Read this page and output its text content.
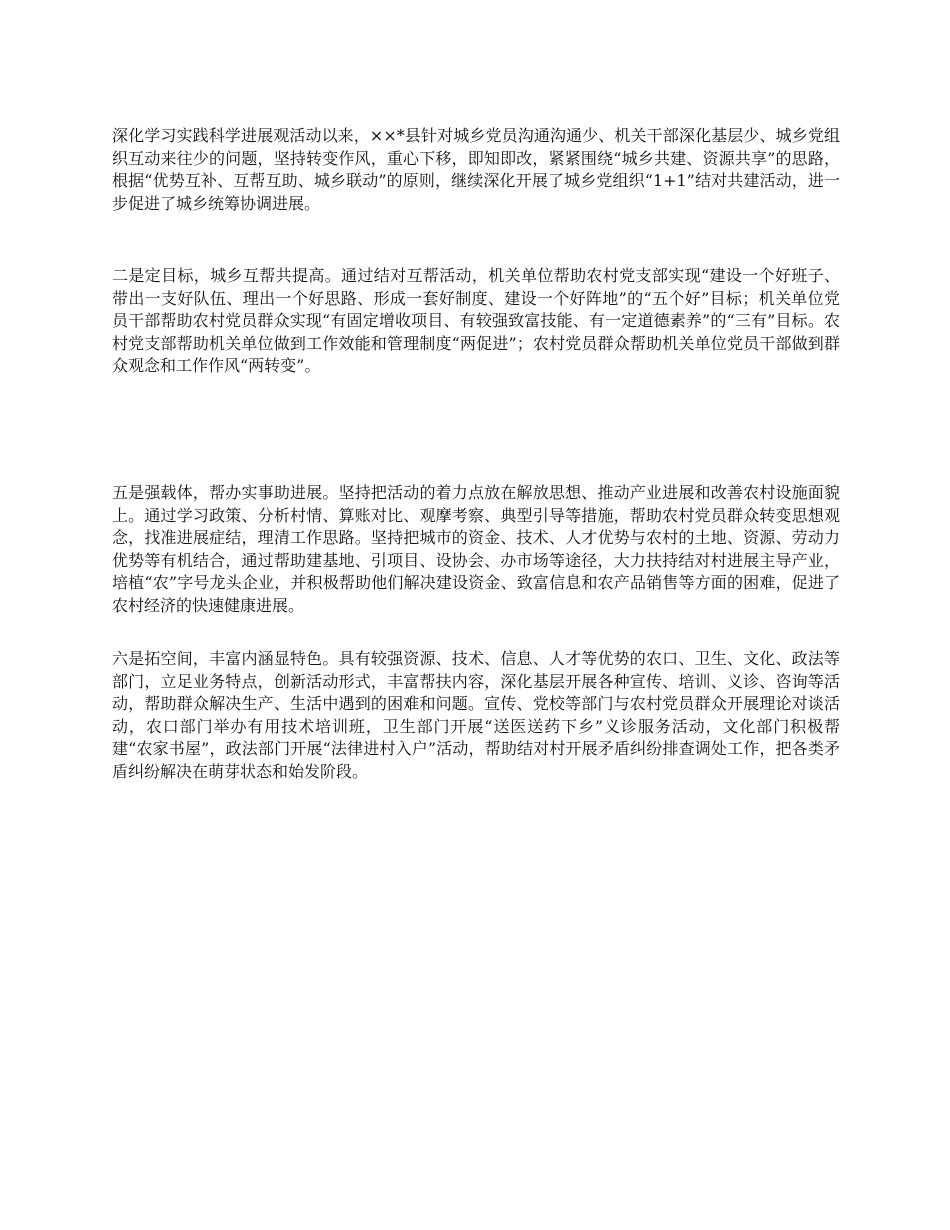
深化学习实践科学进展观活动以来，××*县针对城乡党员沟通沟通少、机关干部深化基层少、城乡党组织互动来往少的问题，坚持转变作风，重心下移，即知即改，紧紧围绕“城乡共建、资源共享”的思路，根据“优势互补、互帮互助、城乡联动”的原则，继续深化开展了城乡党组织“1+1”结对共建活动，进一步促进了城乡统筹协调进展。

二是定目标，城乡互帮共提高。通过结对互帮活动，机关单位帮助农村党支部实现“建设一个好班子、带出一支好队伍、理出一个好思路、形成一套好制度、建设一个好阵地”的“五个好”目标；机关单位党员干部帮助农村党员群众实现“有固定增收项目、有较强致富技能、有一定道德素养”的“三有”目标。农村党支部帮助机关单位做到工作效能和管理制度“两促进”；农村党员群众帮助机关单位党员干部做到群众观念和工作作风“两转变”。

五是强载体，帮办实事助进展。坚持把活动的着力点放在解放思想、推动产业进展和改善农村设施面貌上。通过学习政策、分析村情、算账对比、观摩考察、典型引导等措施，帮助农村党员群众转变思想观念，找准进展症结，理清工作思路。坚持把城市的资金、技术、人才优势与农村的土地、资源、劳动力优势等有机结合，通过帮助建基地、引项目、设协会、办市场等途径，大力扶持结对村进展主导产业，培植“农”字号龙头企业，并积极帮助他们解决建设资金、致富信息和农产品销售等方面的困难，促进了农村经济的快速健康进展。

六是拓空间，丰富内涵显特色。具有较强资源、技术、信息、人才等优势的农口、卫生、文化、政法等部门，立足业务特点，创新活动形式，丰富帮扶内容，深化基层开展各种宣传、培训、义诊、咨询等活动，帮助群众解决生产、生活中遇到的困难和问题。宣传、党校等部门与农村党员群众开展理论对谈活动，农口部门举办有用技术培训班，卫生部门开展“送医送药下乡”义诊服务活动，文化部门积极帮建“农家书屋”，政法部门开展“法律进村入户”活动，帮助结对村开展矛盾纠纷排查调处工作，把各类矛盾纠纷解决在萌芽状态和始发阶段。
